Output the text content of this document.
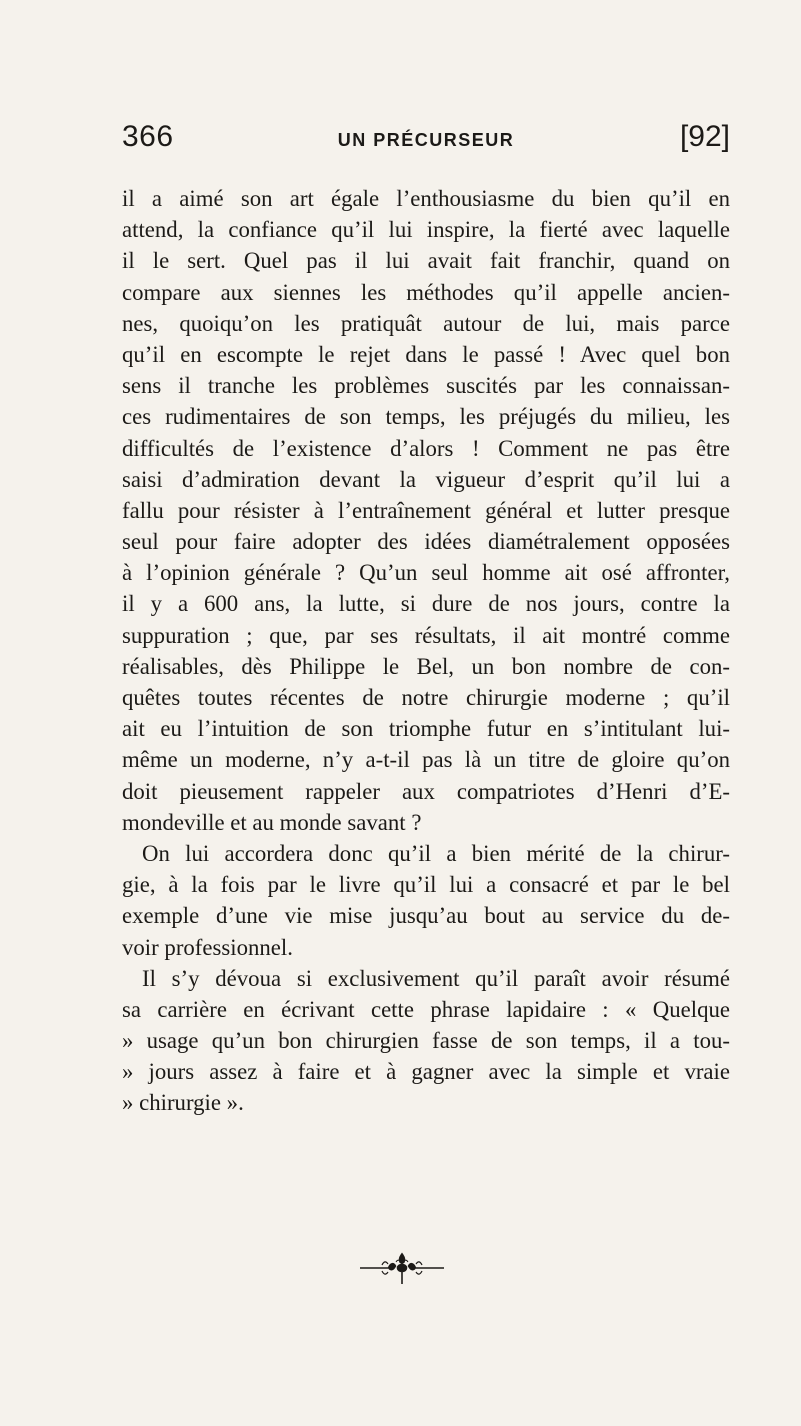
366	UN PRÉCURSEUR	[92]
il a aimé son art égale l’enthousiasme du bien qu’il en
attend, la confiance qu’il lui inspire, la fierté avec laquelle
il le sert. Quel pas il lui avait fait franchir, quand on
compare aux siennes les méthodes qu’il appelle ancien-
nes, quoiqu’on les pratiquât autour de lui, mais parce
qu’il en escompte le rejet dans le passé ! Avec quel bon
sens il tranche les problèmes suscités par les connaissan-
ces rudimentaires de son temps, les préjugés du milieu, les
difficultés de l’existence d’alors ! Comment ne pas être
saisi d’admiration devant la vigueur d’esprit qu’il lui a
fallu pour résister à l’entraînement général et lutter presque
seul pour faire adopter des idées diamétralement opposées
à l’opinion générale ? Qu’un seul homme ait osé affronter,
il y a 600 ans, la lutte, si dure de nos jours, contre la
suppuration ; que, par ses résultats, il ait montré comme
réalisables, dès Philippe le Bel, un bon nombre de con-
quêtes toutes récentes de notre chirurgie moderne ; qu’il
ait eu l’intuition de son triomphe futur en s’intitulant lui-
même un moderne, n’y a-t-il pas là un titre de gloire qu’on
doit pieusement rappeler aux compatriotes d’Henri d’E-
mondeville et au monde savant ?
On lui accordera donc qu’il a bien mérité de la chirur-
gie, à la fois par le livre qu’il lui a consacré et par le bel
exemple d’une vie mise jusqu’au bout au service du de-
voir professionnel.
Il s’y dévoua si exclusivement qu’il paraît avoir résumé
sa carrière en écrivant cette phrase lapidaire : « Quelque
» usage qu’un bon chirurgien fasse de son temps, il a tou-
» jours assez à faire et à gagner avec la simple et vraie
» chirurgie ».
